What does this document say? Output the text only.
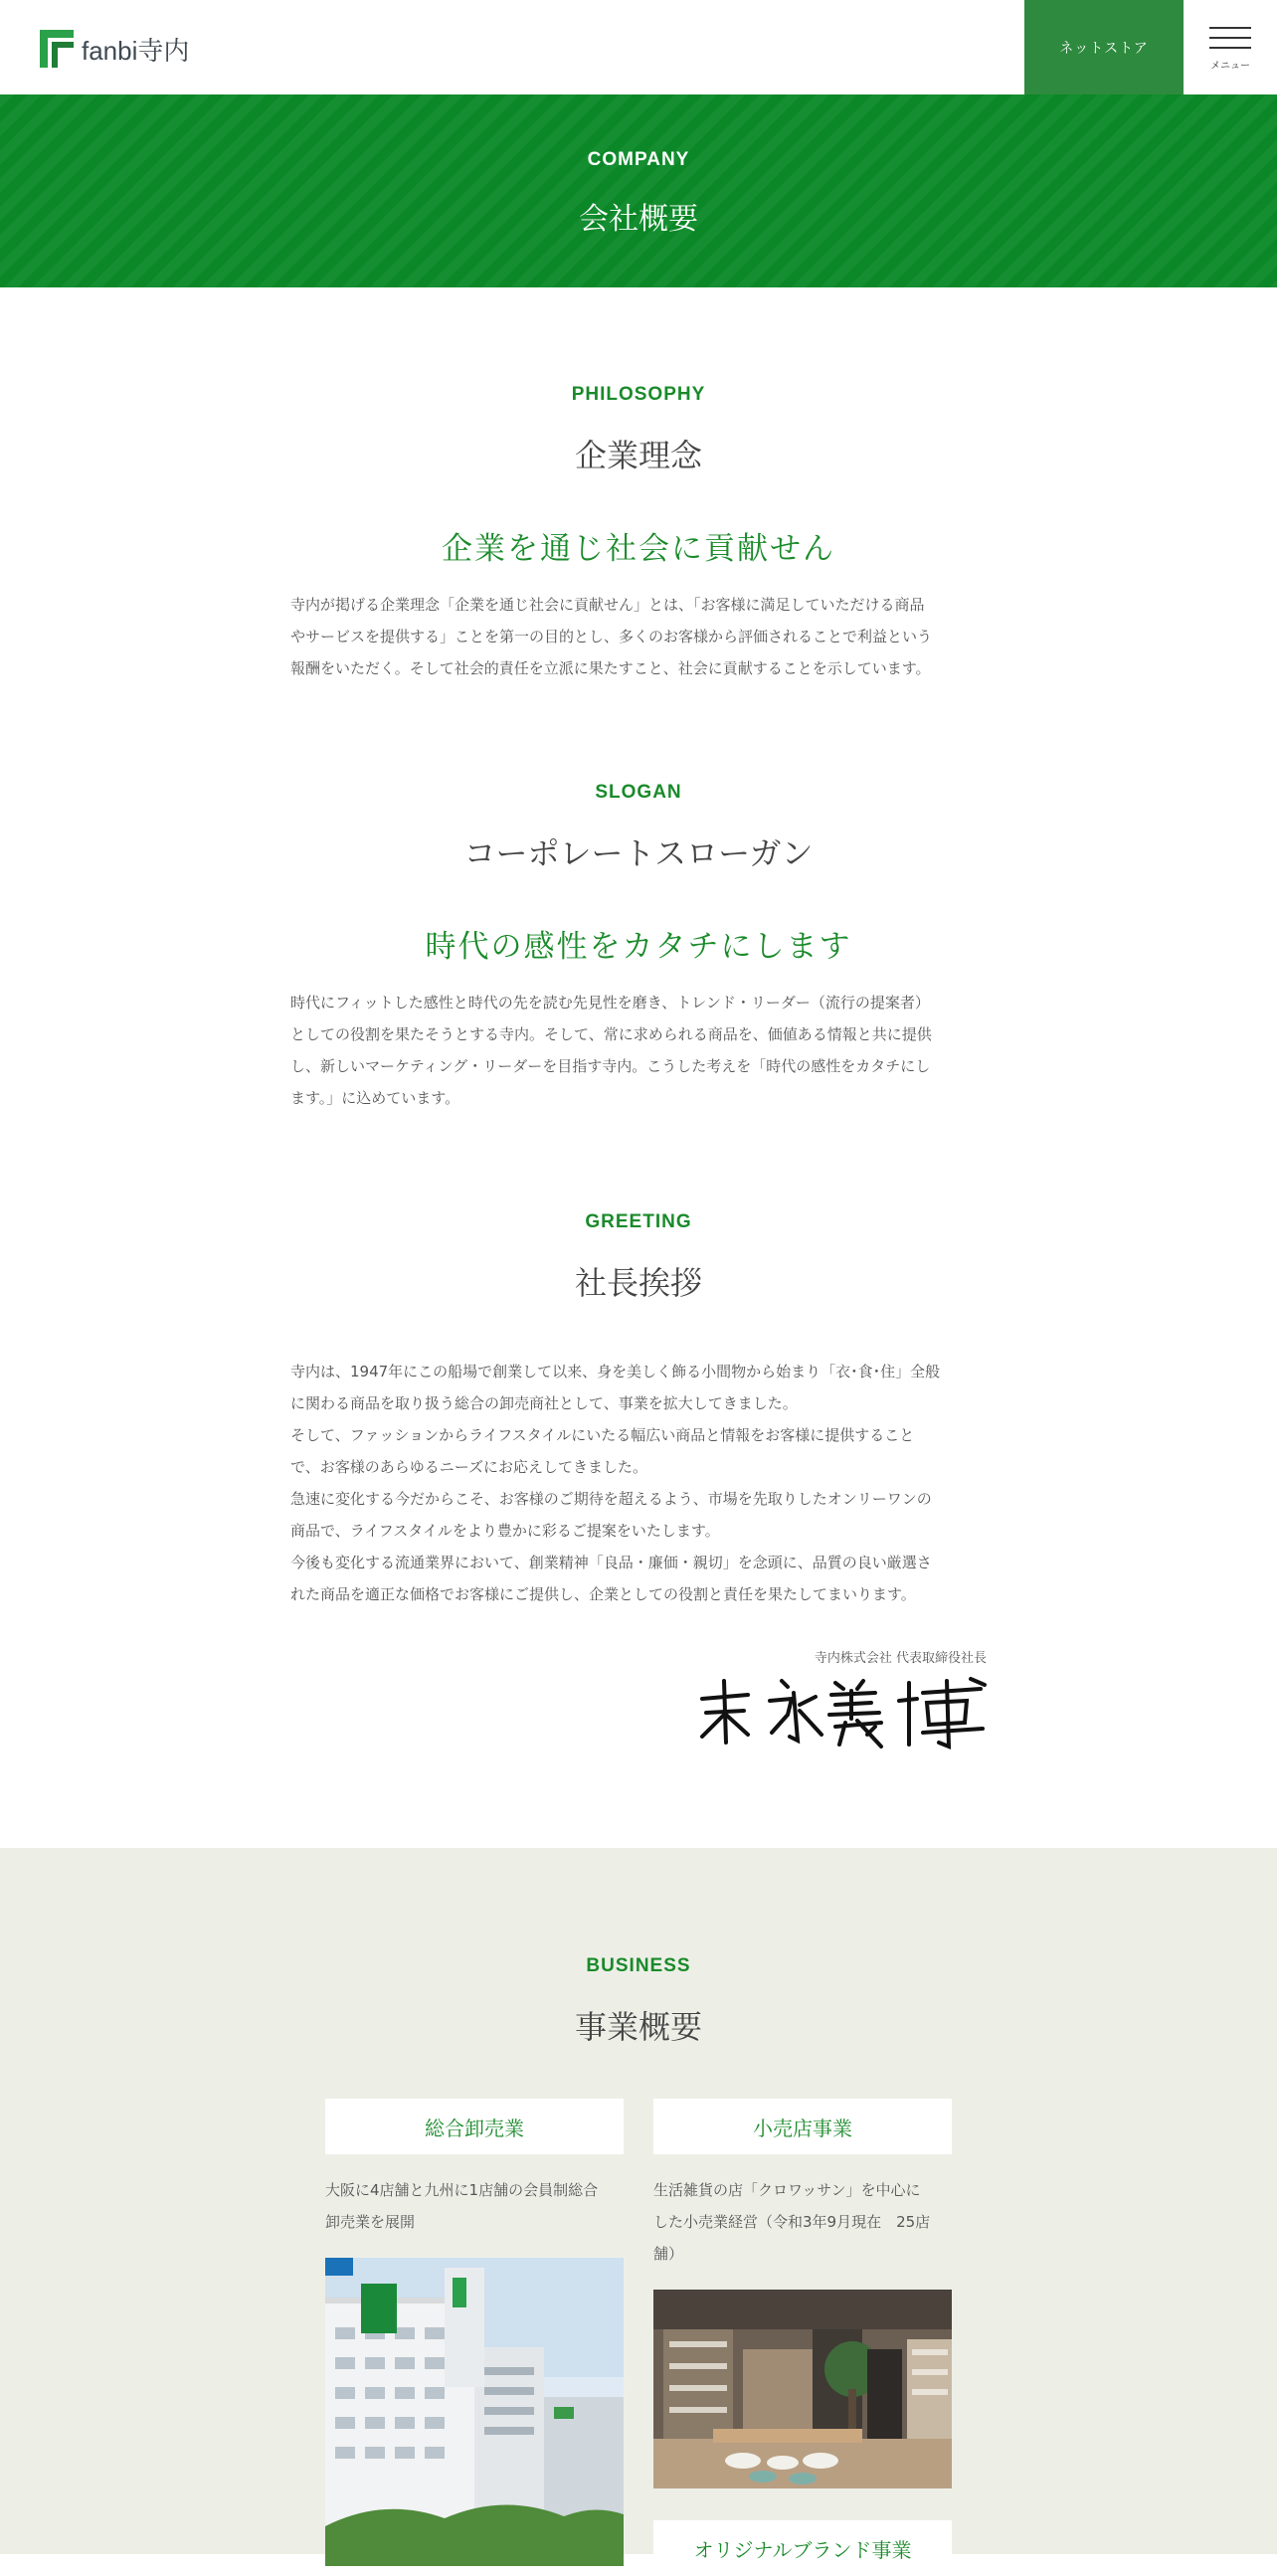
fanbi寺内	ネットストア
メニュー
COMPANY
会社概要
PHILOSOPHY
企業理念
企業を通じ社会に貢献せん

寺内が掲げる企業理念「企業を通じ社会に貢献せん」とは、「お客様に満足していただける商品

やサービスを提供する」ことを第一の目的とし、多くのお客様から評価されることで利益という

報酬をいただく。そして社会的責任を立派に果たすこと、社会に貢献することを示しています。

SLOGAN
コーポレートスローガン
時代の感性をカタチにします

時代にフィットした感性と時代の先を読む先見性を磨き、トレンド・リーダー（流行の提案者）

としての役割を果たそうとする寺内。そして、常に求められる商品を、価値ある情報と共に提供

し、新しいマーケティング・リーダーを目指す寺内。こうした考えを「時代の感性をカタチにし

ます。」に込めています。

GREETING
社長挨拶

寺内は、1947年にこの船場で創業して以来、身を美しく飾る小間物から始まり「衣･食･住」全般

に関わる商品を取り扱う総合の卸売商社として、事業を拡大してきました。

そして、ファッションからライフスタイルにいたる幅広い商品と情報をお客様に提供すること

で、お客様のあらゆるニーズにお応えしてきました。

急速に変化する今だからこそ、お客様のご期待を超えるよう、市場を先取りしたオンリーワンの

商品で、ライフスタイルをより豊かに彩るご提案をいたします。

今後も変化する流通業界において、創業精神「良品・廉価・親切」を念頭に、品質の良い厳選さ

れた商品を適正な価格でお客様にご提供し、企業としての役割と責任を果たしてまいります。

寺内株式会社 代表取締役社長
BUSINESS
事業概要
総合卸売業
大阪に4店舗と九州に1店舗の会員制総合
卸売業を展開
小売店事業
生活雑貨の店「クロワッサン」を中心に
した小売業経営（令和3年9月現在　25店
舗）
オリジナルブランド事業
